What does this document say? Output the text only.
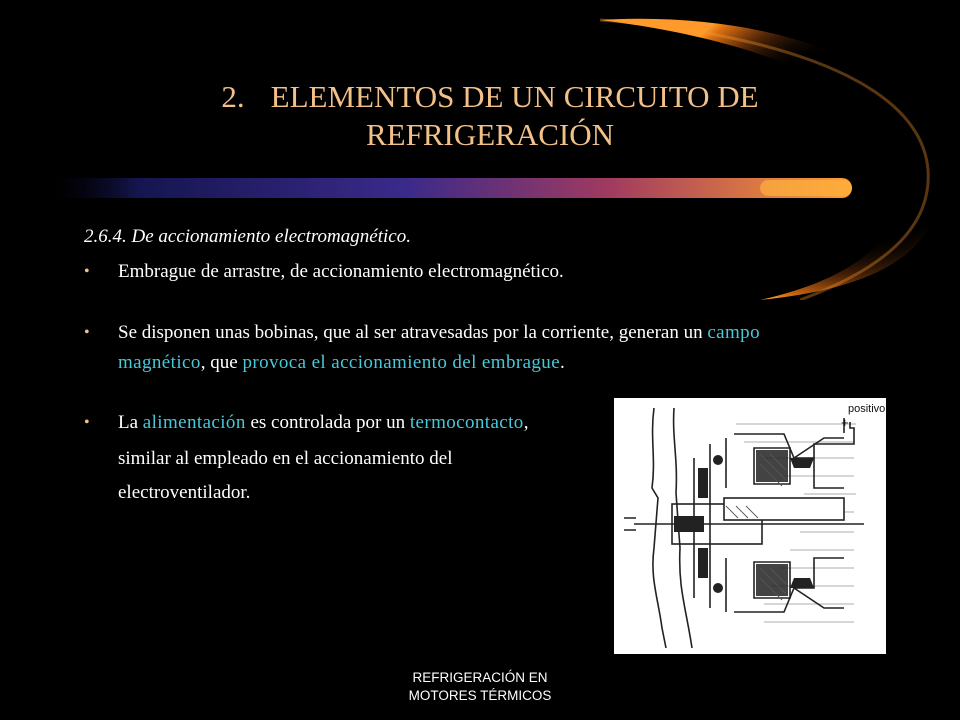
2. ELEMENTOS DE UN CIRCUITO DE REFRIGERACIÓN
2.6.4. De accionamiento electromagnético.
•	Embrague de arrastre, de accionamiento electromagnético.
•	Se disponen unas bobinas, que al ser atravesadas por la corriente, generan un campo magnético, que provoca el accionamiento del embrague.
•	La alimentación es controlada por un termocontacto,
similar al empleado en el accionamiento del
electroventilador.
positivo
+
REFRIGERACIÓN EN
MOTORES TÉRMICOS
